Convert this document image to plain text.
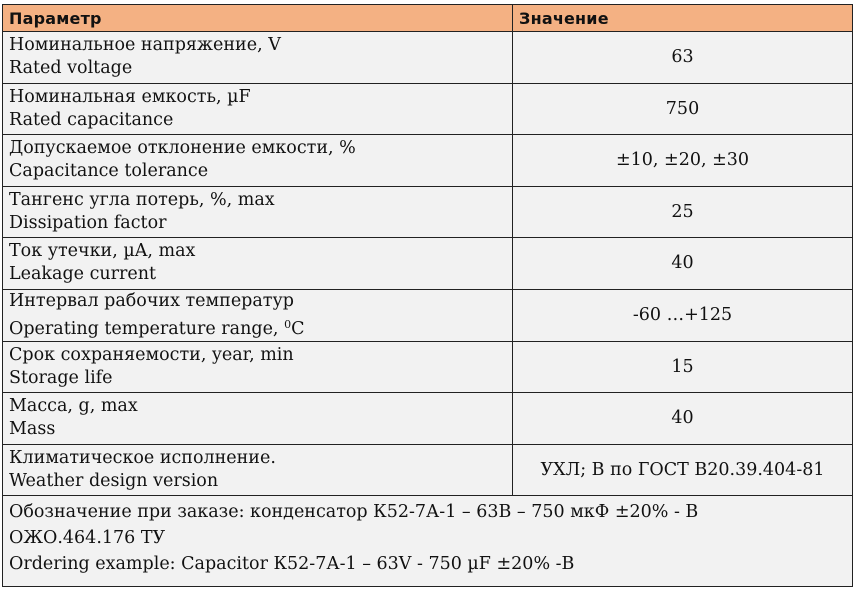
Параметр	Значение

Номинальное напряжение, V
Rated voltage	63

Номинальная емкость, µF
Rated capacitance	750

Допускаемое отклонение емкости, %
Capacitance tolerance	±10, ±20, ±30

Тангенс угла потерь, %, max
Dissipation factor	25

Ток утечки, µA, max
Leakage current	40

Интервал рабочих температур
Operating temperature range, $^0$C	-60 …+125

Срок сохраняемости, year, min
Storage life	15

Масса, g, max
Mass	40

Климатическое исполнение.
Weather design version	УХЛ; В по ГОСТ В20.39.404-81

Обозначение при заказе: конденсатор К52-7А-1 – 63В – 750 мкФ ±20% - В
ОЖО.464.176 ТУ
Ordering example: Capacitor К52-7А-1 – 63V - 750 µF ±20% -В	
